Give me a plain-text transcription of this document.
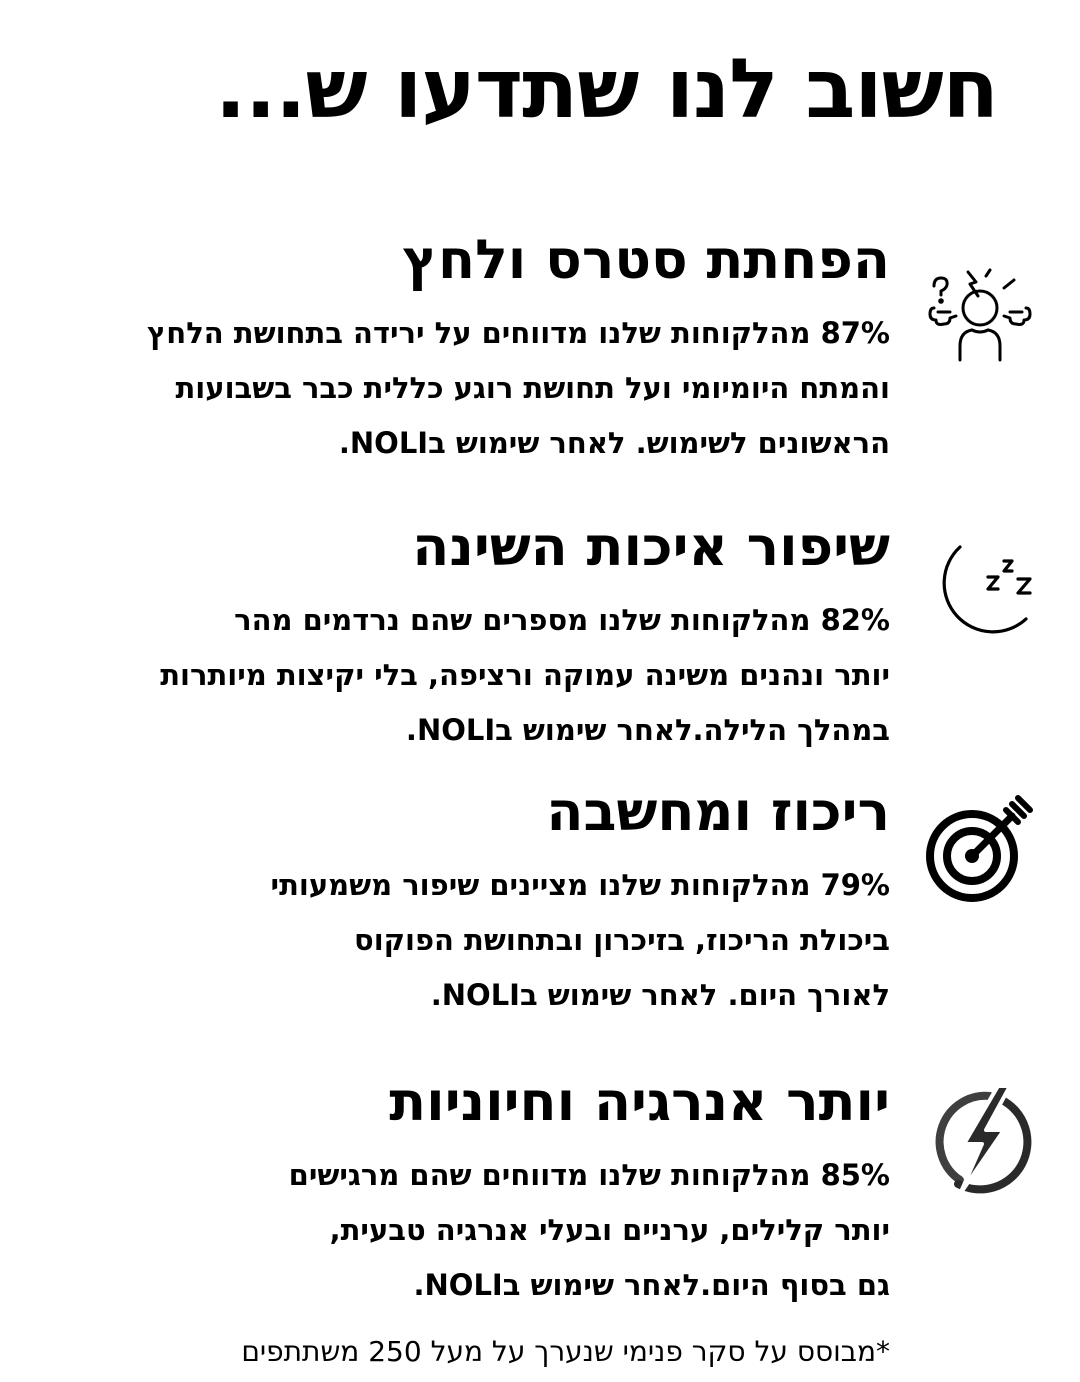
חשוב לנו שתדעו ש...
הפחתת סטרס ולחץ

87% מהלקוחות שלנו מדווחים על ירידה בתחושת הלחץ
והמתח היומיומי ועל תחושת רוגע כללית כבר בשבועות
הראשונים לשימוש. לאחר שימוש בNOLI.

שיפור איכות השינה

82% מהלקוחות שלנו מספרים שהם נרדמים מהר
יותר ונהנים משינה עמוקה ורציפה, בלי יקיצות מיותרות
במהלך הלילה.לאחר שימוש בNOLI.

ריכוז ומחשבה

79% מהלקוחות שלנו מציינים שיפור משמעותי
ביכולת הריכוז, בזיכרון ובתחושת הפוקוס
לאורך היום. לאחר שימוש בNOLI.

יותר אנרגיה וחיוניות

85% מהלקוחות שלנו מדווחים שהם מרגישים
יותר קלילים, ערניים ובעלי אנרגיה טבעית,
גם בסוף היום.לאחר שימוש בNOLI.

*מבוסס על סקר פנימי שנערך על מעל 250 משתתפים
